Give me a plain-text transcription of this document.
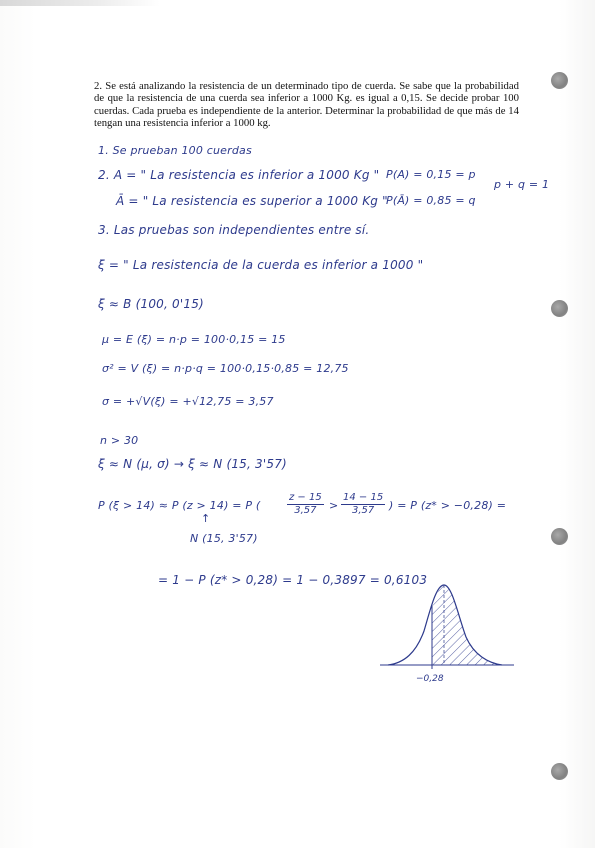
2. Se está analizando la resistencia de un determinado tipo de cuerda. Se sabe que la probabilidad de que la resistencia de una cuerda sea inferior a 1000 Kg. es igual a 0,15. Se decide probar 100 cuerdas. Cada prueba es independiente de la anterior. Determinar la probabilidad de que más de 14 tengan una resistencia inferior a 1000 kg.
1. Se prueban 100 cuerdas
2. A = " La resistencia es inferior a 1000 Kg " P(A) = 0,15 = p
p + q = 1
Ā = " La resistencia es superior a 1000 Kg "
P(Ā) = 0,85 = q
3. Las pruebas son independientes entre sí.
ξ = " La resistencia de la cuerda es inferior a 1000 "
ξ ≈ B (100, 0'15)
μ = E (ξ) = n·p = 100·0,15 = 15
σ² = V (ξ) = n·p·q = 100·0,15·0,85 = 12,75
σ = +√V(ξ) = +√12,75 = 3,57
n > 30
ξ ≈ N (μ, σ) → ξ ≈ N (15, 3'57)
P (ξ > 14) ≈ P (z > 14) = P (	$\frac{z - 15}{3,57} > \frac{14 - 15}{3,57}$ ) = P (z* > −0,28) =
↑
N (15, 3'57)
= 1 − P (z* > 0,28) = 1 − 0,3897 = 0,6103
−0,28
